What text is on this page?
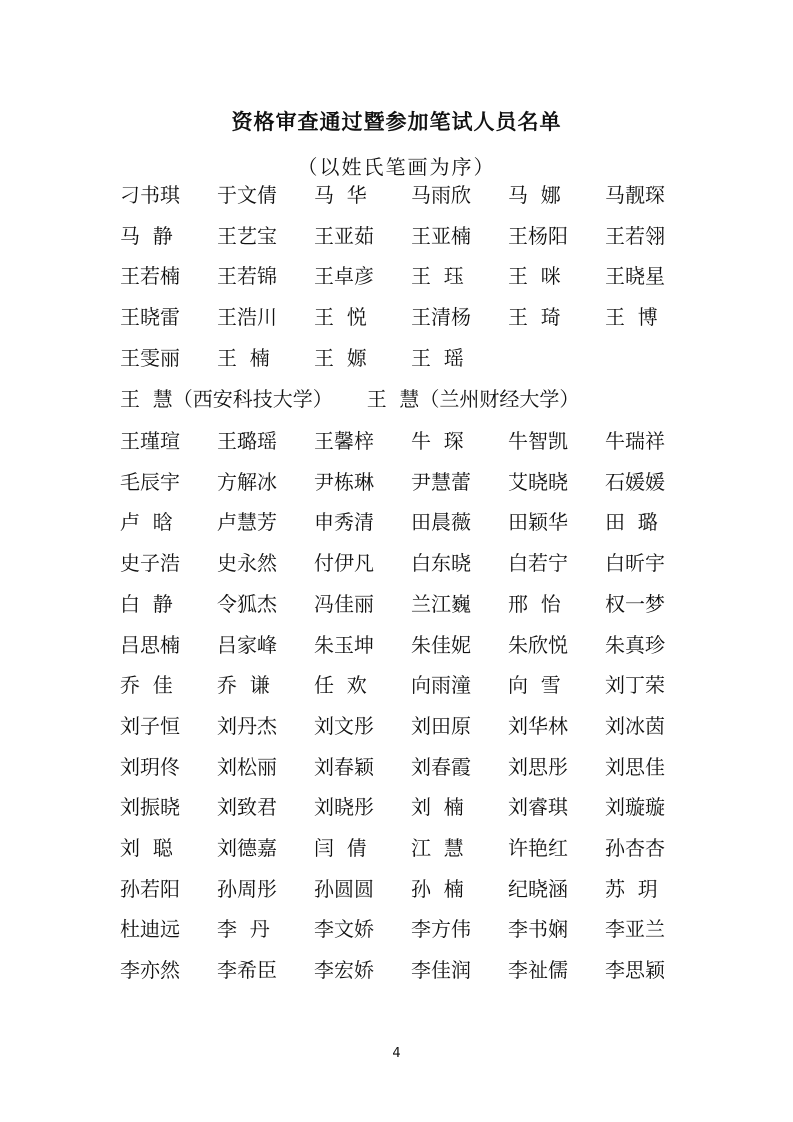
资格审查通过暨参加笔试人员名单
（以姓氏笔画为序）
刁书琪	于文倩	马  华	马雨欣	马  娜	马靓琛
马  静	王艺宝	王亚茹	王亚楠	王杨阳	王若翎
王若楠	王若锦	王卓彦	王  珏	王  咪	王晓星
王晓雷	王浩川	王  悦	王清杨	王  琦	王  博
王雯丽	王  楠	王  嫄	王  瑶
王  慧 （西安科技大学） 王  慧 （兰州财经大学）
王瑾瑄	王璐瑶	王馨梓	牛  琛	牛智凯	牛瑞祥
毛辰宇	方解冰	尹栋琳	尹慧蕾	艾晓晓	石媛媛
卢  晗	卢慧芳	申秀清	田晨薇	田颖华	田  璐
史子浩	史永然	付伊凡	白东晓	白若宁	白昕宇
白  静	令狐杰	冯佳丽	兰江巍	邢  怡	权一梦
吕思楠	吕家峰	朱玉坤	朱佳妮	朱欣悦	朱真珍
乔  佳	乔  谦	任  欢	向雨潼	向  雪	刘丁荣
刘子恒	刘丹杰	刘文彤	刘田原	刘华林	刘冰茵
刘玥佟	刘松丽	刘春颖	刘春霞	刘思彤	刘思佳
刘振晓	刘致君	刘晓彤	刘  楠	刘睿琪	刘璇璇
刘  聪	刘德嘉	闫  倩	江  慧	许艳红	孙杏杏
孙若阳	孙周彤	孙圆圆	孙  楠	纪晓涵	苏  玥
杜迪远	李  丹	李文娇	李方伟	李书娴	李亚兰
李亦然	李希臣	李宏娇	李佳润	李祉儒	李思颖
4
